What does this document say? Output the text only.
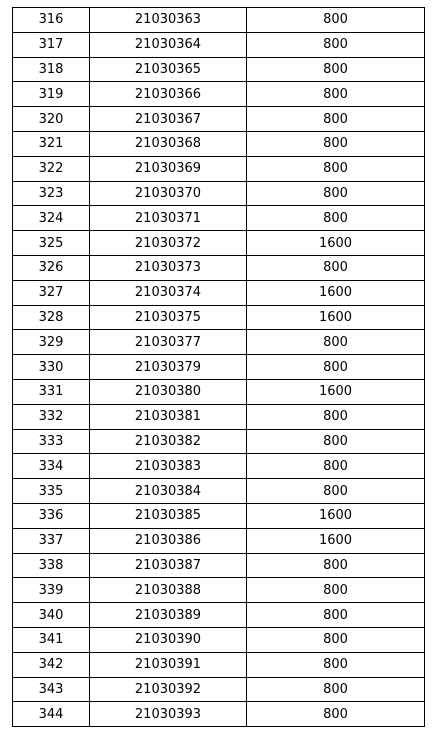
316	21030363	800
317	21030364	800
318	21030365	800
319	21030366	800
320	21030367	800
321	21030368	800
322	21030369	800
323	21030370	800
324	21030371	800
325	21030372	1600
326	21030373	800
327	21030374	1600
328	21030375	1600
329	21030377	800
330	21030379	800
331	21030380	1600
332	21030381	800
333	21030382	800
334	21030383	800
335	21030384	800
336	21030385	1600
337	21030386	1600
338	21030387	800
339	21030388	800
340	21030389	800
341	21030390	800
342	21030391	800
343	21030392	800
344	21030393	800
